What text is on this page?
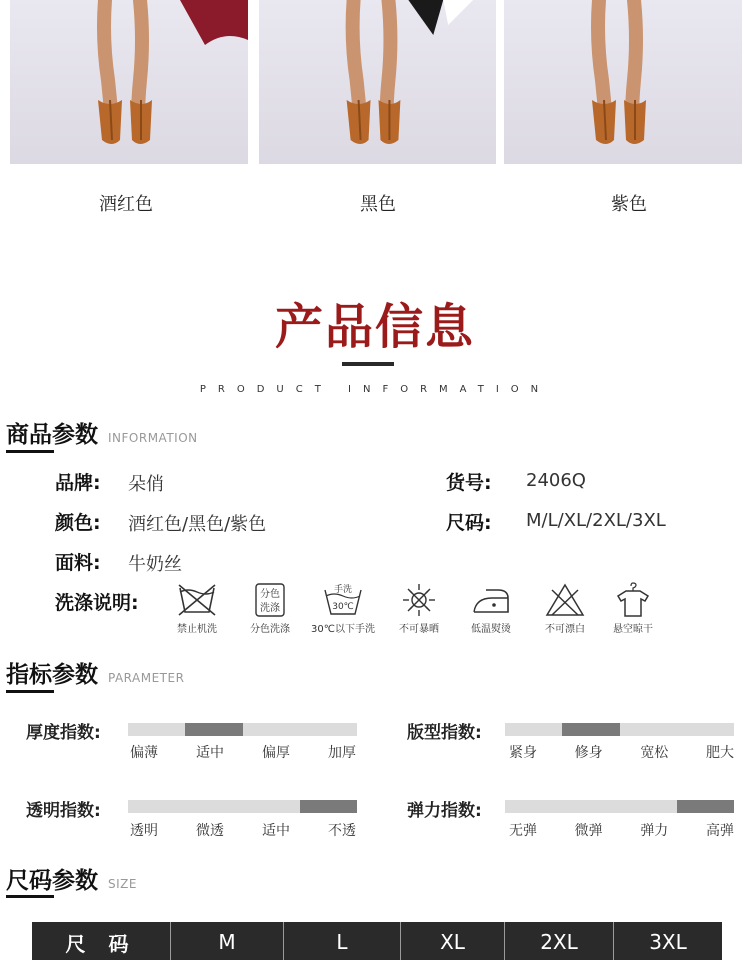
酒红色	黑色	紫色
产品信息
PRODUCT INFORMATION
商品参数 INFORMATION
品牌: 朵俏	货号: 2406Q
颜色: 酒红色/黑色/紫色	尺码: M/L/XL/2XL/3XL
面料: 牛奶丝
洗涤说明:
禁止机洗
分色
洗涤
分色洗涤
手洗
30℃
30℃以下手洗	不可暴晒	低温熨烫	不可漂白	悬空晾干
指标参数 PARAMETER
厚度指数:
偏薄	适中	偏厚	加厚
版型指数:
紧身	修身	宽松	肥大
透明指数:
透明	微透	适中	不透
弹力指数:
无弹	微弹	弹力	高弹
尺码参数 SIZE
尺 码	M	L	XL	2XL	3XL
